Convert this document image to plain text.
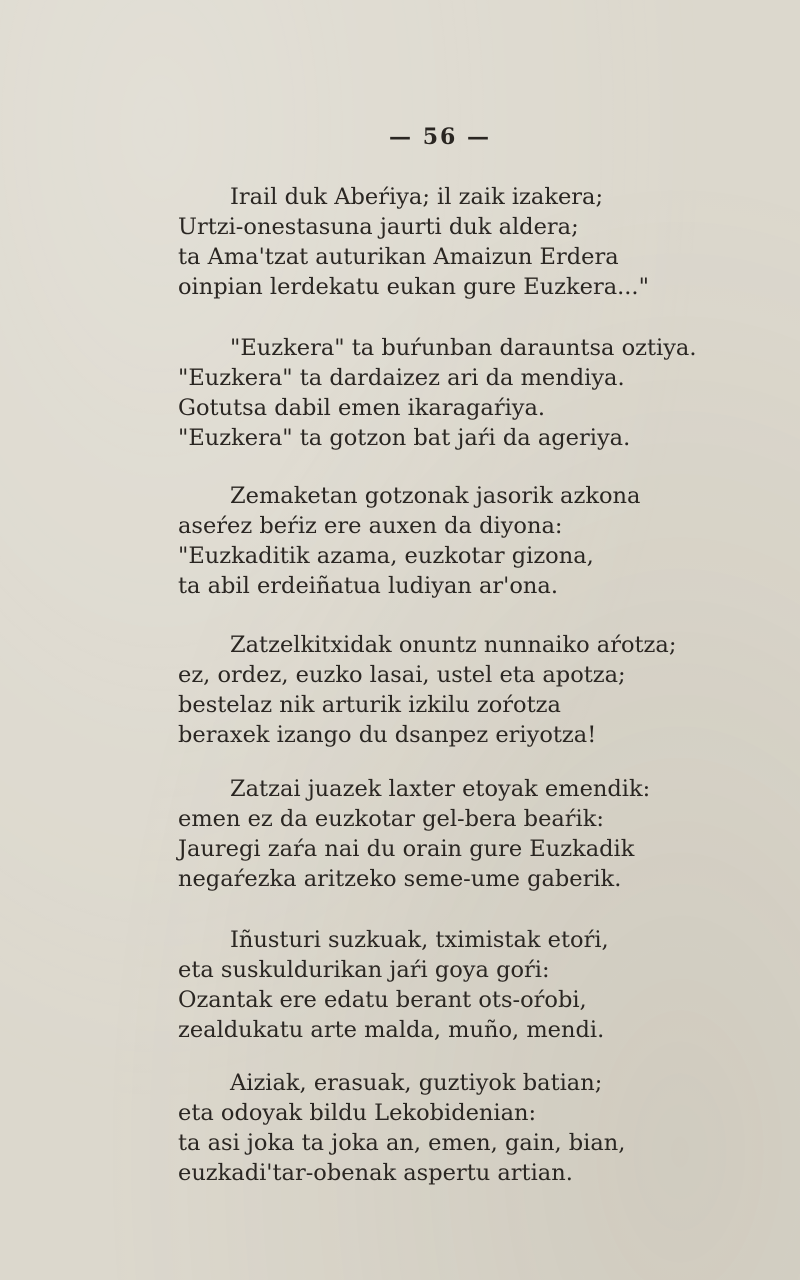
— 56 —
Irail duk Abeŕiya; il zaik izakera;
Urtzi-onestasuna jaurti duk aldera;
ta Ama'tzat auturikan Amaizun Erdera
oinpian lerdekatu eukan gure Euzkera..."
"Euzkera" ta buŕunban darauntsa oztiya.
"Euzkera" ta dardaizez ari da mendiya.
Gotutsa dabil emen ikaragaŕiya.
"Euzkera" ta gotzon bat jaŕi da ageriya.
Zemaketan gotzonak jasorik azkona
aseŕez beŕiz ere auxen da diyona:
"Euzkaditik azama, euzkotar gizona,
ta abil erdeiñatua ludiyan ar'ona.
Zatzelkitxidak onuntz nunnaiko aŕotza;
ez, ordez, euzko lasai, ustel eta apotza;
bestelaz nik arturik izkilu zoŕotza
beraxek izango du dsanpez eriyotza!
Zatzai juazek laxter etoyak emendik:
emen ez da euzkotar gel-bera beaŕik:
Jauregi zaŕa nai du orain gure Euzkadik
negaŕezka aritzeko seme-ume gaberik.
Iñusturi suzkuak, tximistak etoŕi,
eta suskuldurikan jaŕi goya goŕi:
Ozantak ere edatu berant ots-oŕobi,
zealdukatu arte malda, muño, mendi.
Aiziak, erasuak, guztiyok batian;
eta odoyak bildu Lekobidenian:
ta asi joka ta joka an, emen, gain, bian,
euzkadi'tar-obenak aspertu artian.
